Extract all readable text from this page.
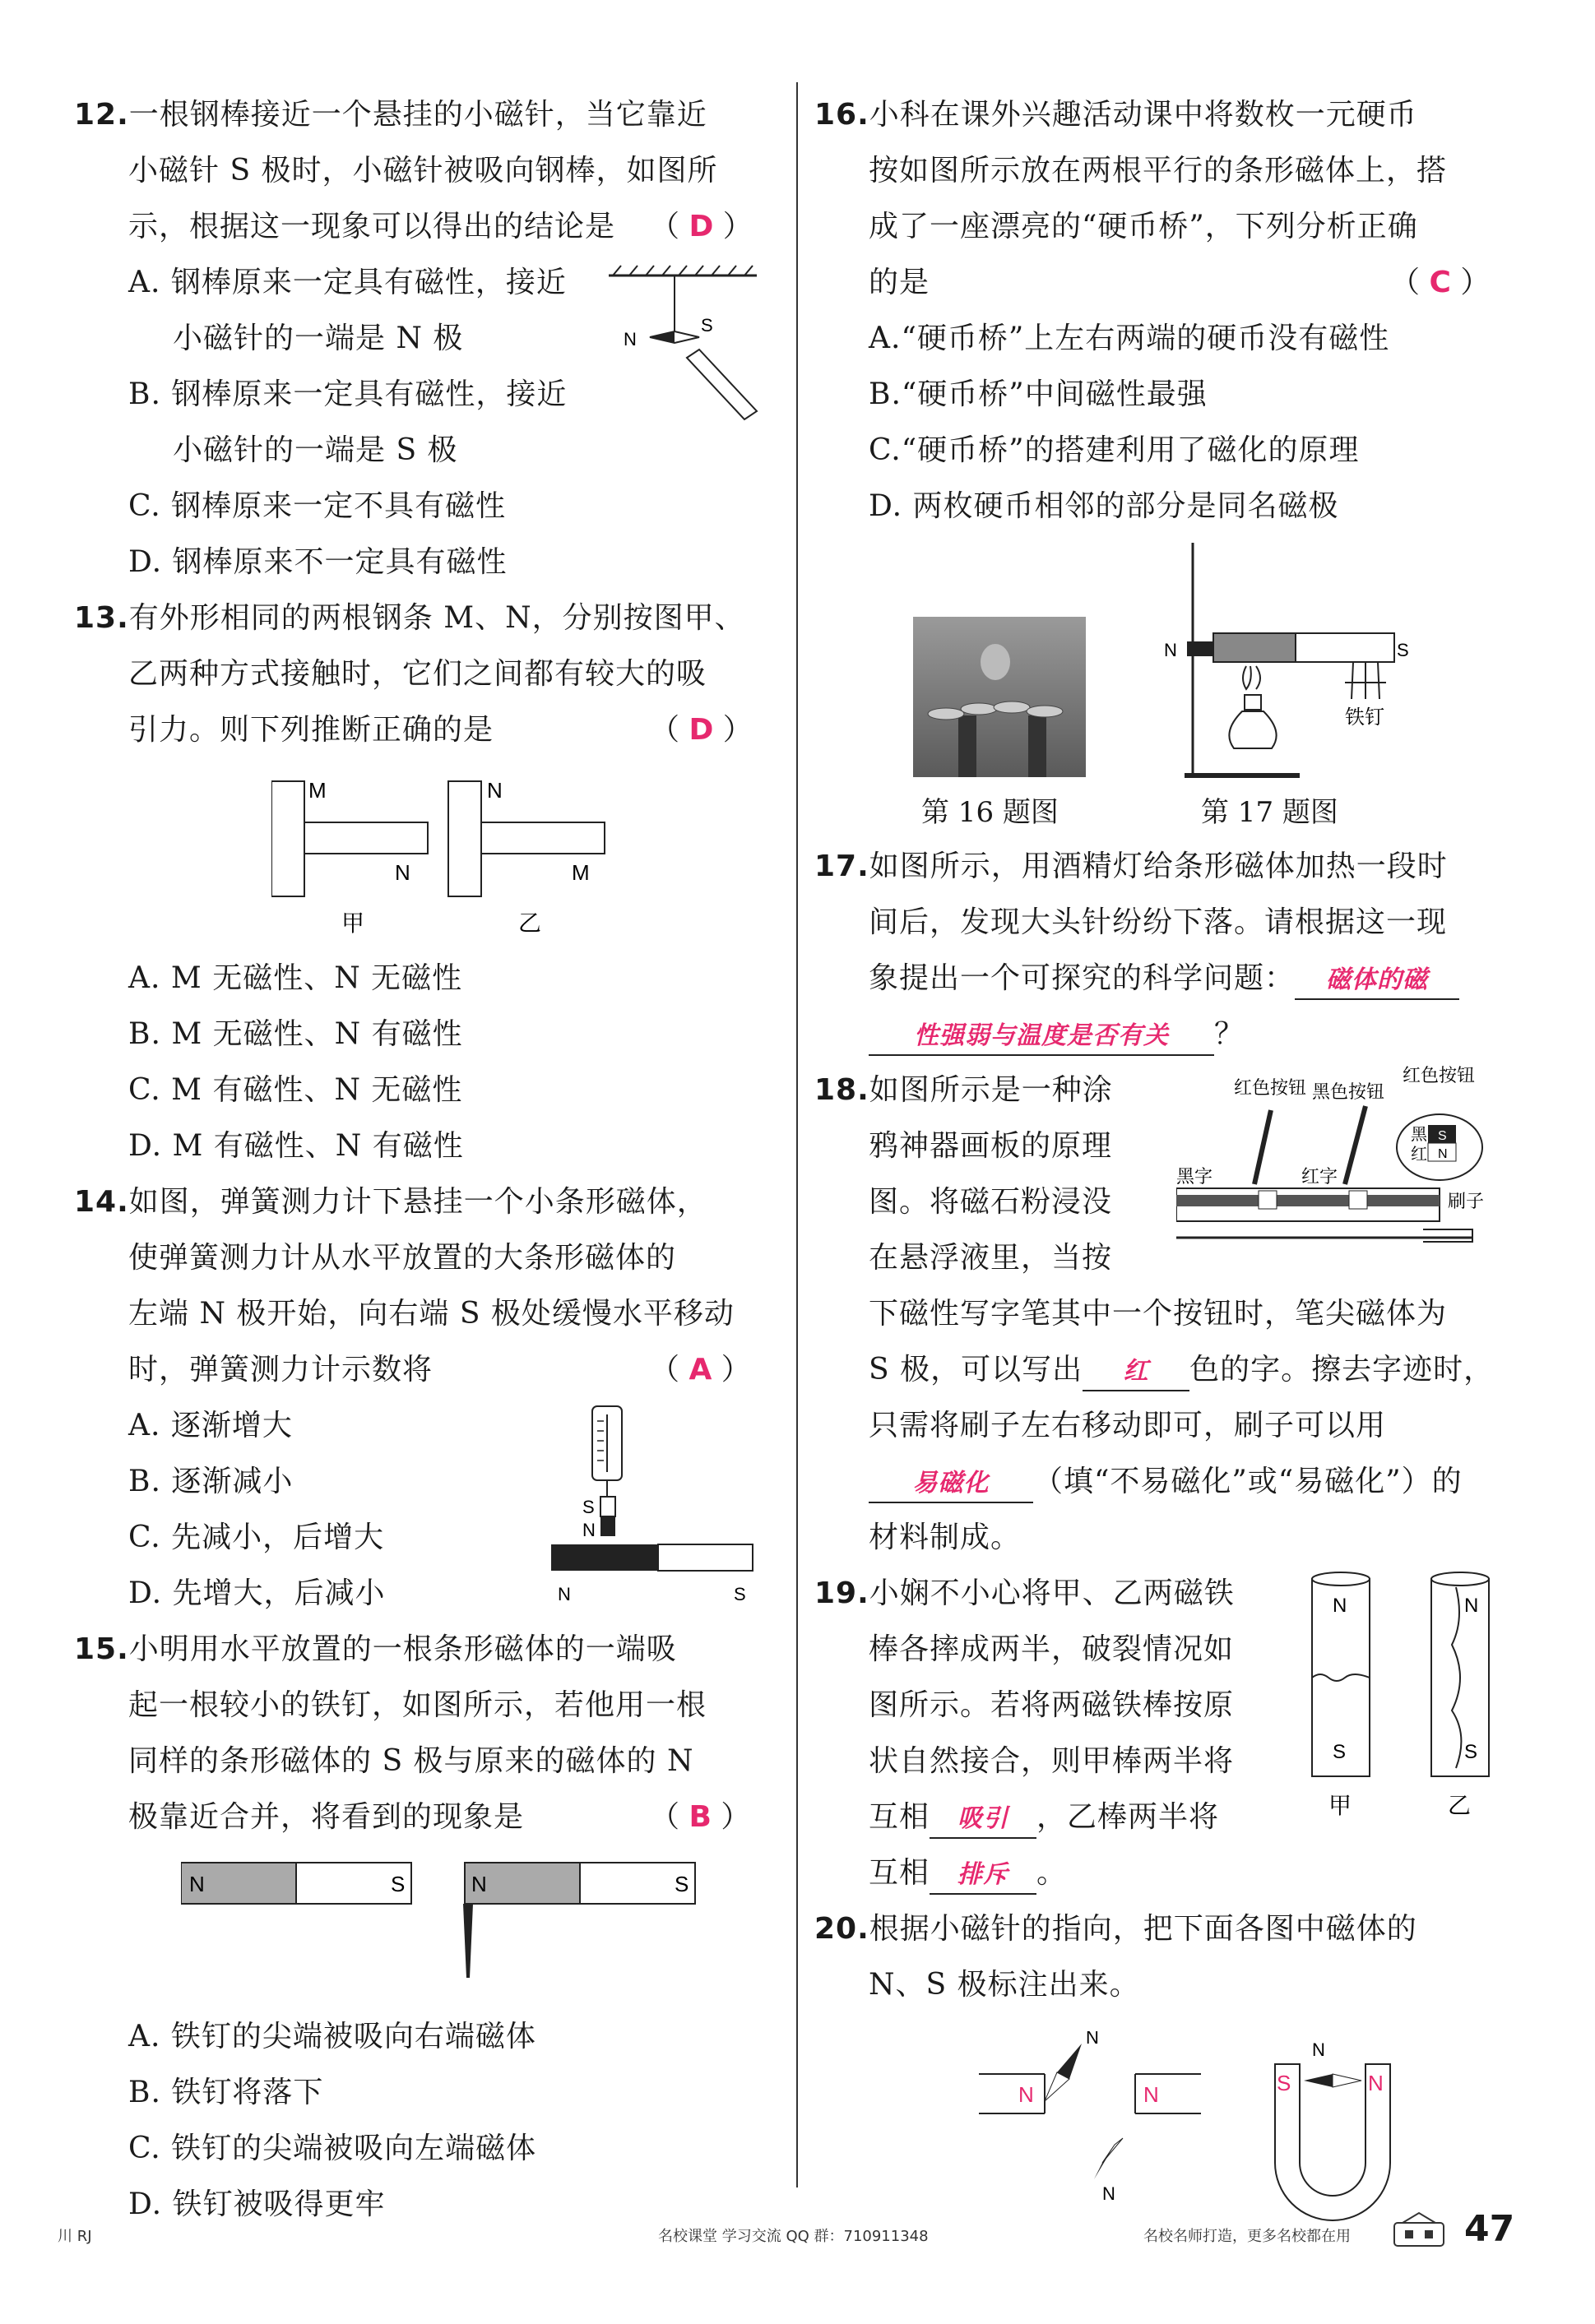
12.一根钢棒接近一个悬挂的小磁针，当它靠近
小磁针 S 极时，小磁针被吸向钢棒，如图所
示，根据这一现象可以得出的结论是 （ D ）
A. 钢棒原来一定具有磁性，接近
小磁针的一端是 N 极
B. 钢棒原来一定具有磁性，接近
小磁针的一端是 S 极
C. 钢棒原来一定不具有磁性
D. 钢棒原来不一定具有磁性
N
S
13.有外形相同的两根钢条 M、N，分别按图甲、
乙两种方式接触时，它们之间都有较大的吸
引力。则下列推断正确的是	（ D ）
M
N
甲
N
M
乙
A. M 无磁性、N 无磁性
B. M 无磁性、N 有磁性
C. M 有磁性、N 无磁性
D. M 有磁性、N 有磁性
14.如图，弹簧测力计下悬挂一个小条形磁体，
使弹簧测力计从水平放置的大条形磁体的
左端 N 极开始，向右端 S 极处缓慢水平移动
时，弹簧测力计示数将	（ A ）
A. 逐渐增大
B. 逐渐减小
C. 先减小，后增大
D. 先增大，后减小
S
N
N	S
15.小明用水平放置的一根条形磁体的一端吸
起一根较小的铁钉，如图所示，若他用一根
同样的条形磁体的 S 极与原来的磁体的 N
极靠近合并，将看到的现象是	（ B ）
N	S	N	S
A. 铁钉的尖端被吸向右端磁体
B. 铁钉将落下
C. 铁钉的尖端被吸向左端磁体
D. 铁钉被吸得更牢
16.小科在课外兴趣活动课中将数枚一元硬币
按如图所示放在两根平行的条形磁体上，搭
成了一座漂亮的“硬币桥”，下列分析正确
的是	（ C ）
A.“硬币桥”上左右两端的硬币没有磁性
B.“硬币桥”中间磁性最强
C.“硬币桥”的搭建利用了磁化的原理
D. 两枚硬币相邻的部分是同名磁极
第 16 题图
N	S
铁钉
第 17 题图
17.如图所示，用酒精灯给条形磁体加热一段时
间后，发现大头针纷纷下落。请根据这一现
象提出一个可探究的科学问题： 磁体的磁
性强弱与温度是否有关 ？
18.如图所示是一种涂
鸦神器画板的原理
图。将磁石粉浸没
在悬浮液里，当按
下磁性写字笔其中一个按钮时，笔尖磁体为
S 极，可以写出 红 色的字。擦去字迹时，
只需将刷子左右移动即可，刷子可以用
易磁化 （填“不易磁化”或“易磁化”）的
材料制成。
红色按钮 黑色按钮
红色按钮
黑
红
S
N
黑字	红字
刷子
19.小娴不小心将甲、乙两磁铁
棒各摔成两半，破裂情况如
图所示。若将两磁铁棒按原
状自然接合，则甲棒两半将
互相 吸引 ，乙棒两半将
互相 排斥 。
N
S
甲
N
S
乙
20.根据小磁针的指向，把下面各图中磁体的
N、S 极标注出来。
N
N
N
N
S	N
N
川 RJ	名校课堂 学习交流 QQ 群：710911348	名校名师打造，更多名校都在用	47
